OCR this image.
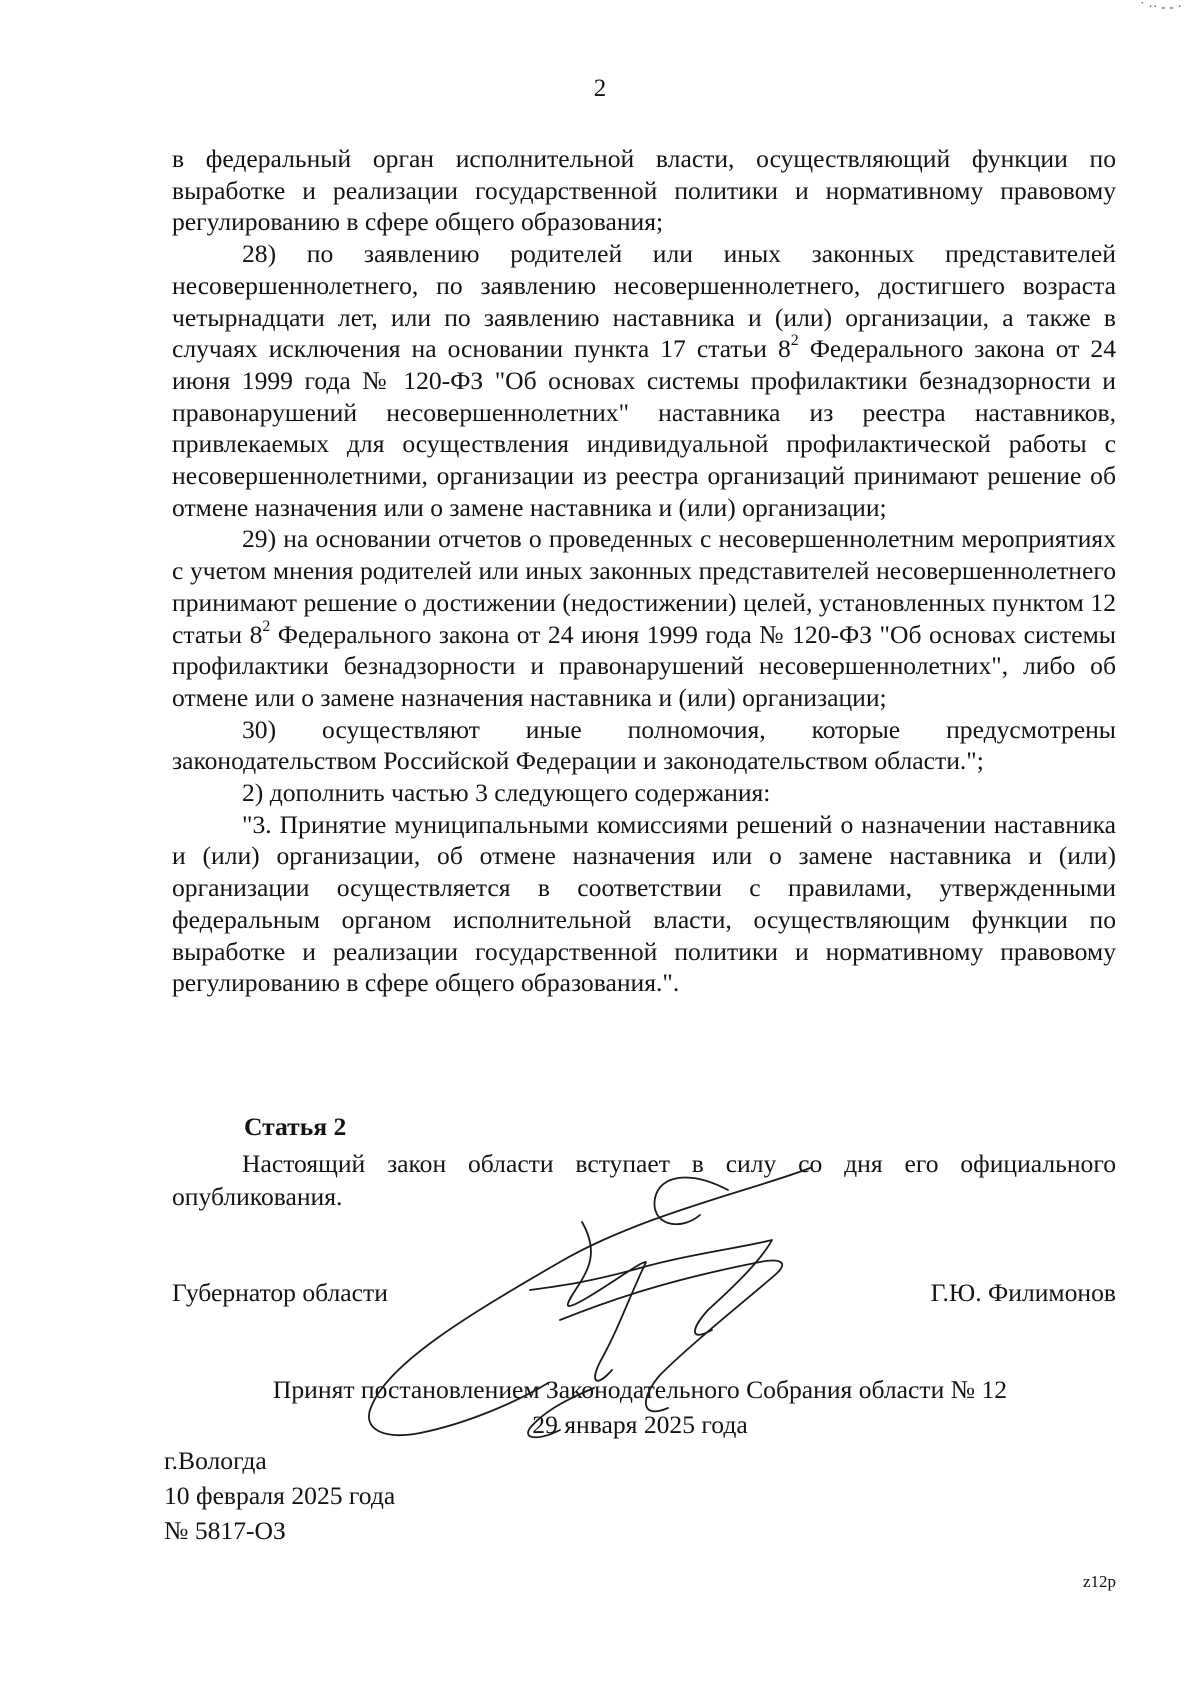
2

в федеральный орган исполнительной власти, осуществляющий функции по выработке и реализации государственной политики и нормативному правовому регулированию в сфере общего образования;

28) по заявлению родителей или иных законных представителей несовершеннолетнего, по заявлению несовершеннолетнего, достигшего возраста четырнадцати лет, или по заявлению наставника и (или) организации, а также в случаях исключения на основании пункта 17 статьи $8^2$ Федерального закона от 24 июня 1999 года № 120-ФЗ "Об основах системы профилактики безнадзорности и правонарушений несовершеннолетних" наставника из реестра наставников, привлекаемых для осуществления индивидуальной профилактической работы с несовершеннолетними, организации из реестра организаций принимают решение об отмене назначения или о замене наставника и (или) организации;

29) на основании отчетов о проведенных с несовершеннолетним мероприятиях с учетом мнения родителей или иных законных представителей несовершеннолетнего принимают решение о достижении (недостижении) целей, установленных пунктом 12 статьи $8^2$ Федерального закона от 24 июня 1999 года № 120-ФЗ "Об основах системы профилактики безнадзорности и правонарушений несовершеннолетних", либо об отмене или о замене назначения наставника и (или) организации;

30) осуществляют иные полномочия, которые предусмотрены законодательством Российской Федерации и законодательством области.";

2) дополнить частью 3 следующего содержания:

"3. Принятие муниципальными комиссиями решений о назначении наставника и (или) организации, об отмене назначения или о замене наставника и (или) организации осуществляется в соответствии с правилами, утвержденными федеральным органом исполнительной власти, осуществляющим функции по выработке и реализации государственной политики и нормативному правовому регулированию в сфере общего образования.".

Статья 2
Настоящий закон области вступает в силу со дня его официального опубликования.
Губернатор области	Г.Ю. Филимонов
Принят постановлением Законодательного Собрания области № 12
29 января 2025 года
г.Вологда
10 февраля 2025 года
№ 5817-ОЗ
z12p
˙ ·· ‐ ‐ ·
